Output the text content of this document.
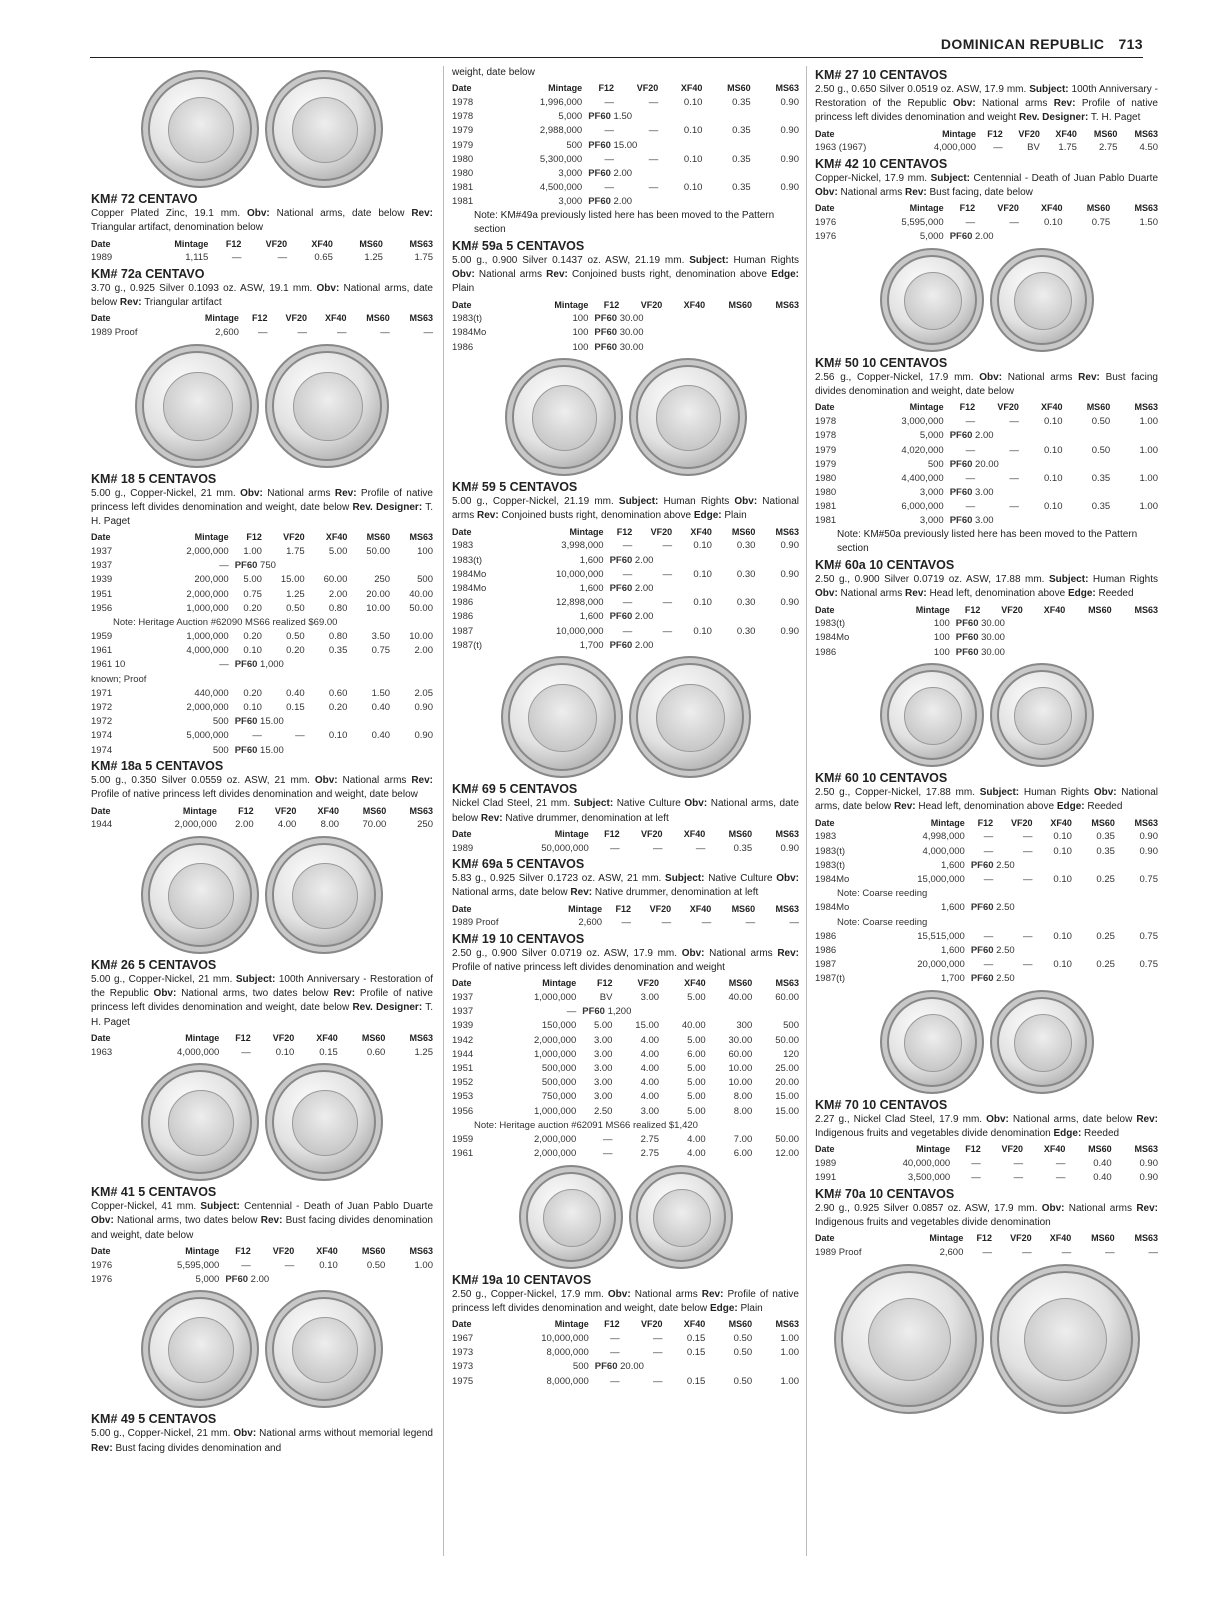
DOMINICAN REPUBLIC 713
KM# 72 CENTAVO
Copper Plated Zinc, 19.1 mm. Obv: National arms, date below Rev: Triangular artifact, denomination below
Date	Mintage	F12	VF20	XF40	MS60	MS63
1989	1,115	—	—	0.65	1.25	1.75
KM# 72a CENTAVO
3.70 g., 0.925 Silver 0.1093 oz. ASW, 19.1 mm. Obv: National arms, date below Rev: Triangular artifact
Date	Mintage	F12	VF20	XF40	MS60	MS63
1989 Proof	2,600	—	—	—	—	—
KM# 18 5 CENTAVOS
5.00 g., Copper-Nickel, 21 mm. Obv: National arms Rev: Profile of native princess left divides denomination and weight, date below Rev. Designer: T. H. Paget
Date	Mintage	F12	VF20	XF40	MS60	MS63
1937	2,000,000	1.00	1.75	5.00	50.00	100
1937	—	PF60 750				
1939	200,000	5.00	15.00	60.00	250	500
1951	2,000,000	0.75	1.25	2.00	20.00	40.00
1956	1,000,000	0.20	0.50	0.80	10.00	50.00
Note: Heritage Auction #62090 MS66 realized $69.00						
1959	1,000,000	0.20	0.50	0.80	3.50	10.00
1961	4,000,000	0.10	0.20	0.35	0.75	2.00
1961 10	—	PF60 1,000				
known; Proof						
1971	440,000	0.20	0.40	0.60	1.50	2.05
1972	2,000,000	0.10	0.15	0.20	0.40	0.90
1972	500	PF60 15.00				
1974	5,000,000	—	—	0.10	0.40	0.90
1974	500	PF60 15.00				
KM# 18a 5 CENTAVOS
5.00 g., 0.350 Silver 0.0559 oz. ASW, 21 mm. Obv: National arms Rev: Profile of native princess left divides denomination and weight, date below
Date	Mintage	F12	VF20	XF40	MS60	MS63
1944	2,000,000	2.00	4.00	8.00	70.00	250
KM# 26 5 CENTAVOS
5.00 g., Copper-Nickel, 21 mm. Subject: 100th Anniversary - Restoration of the Republic Obv: National arms, two dates below Rev: Profile of native princess left divides denomination and weight, date below Rev. Designer: T. H. Paget
Date	Mintage	F12	VF20	XF40	MS60	MS63
1963	4,000,000	—	0.10	0.15	0.60	1.25
KM# 41 5 CENTAVOS
Copper-Nickel, 41 mm. Subject: Centennial - Death of Juan Pablo Duarte Obv: National arms, two dates below Rev: Bust facing divides denomination and weight, date below
Date	Mintage	F12	VF20	XF40	MS60	MS63
1976	5,595,000	—	—	0.10	0.50	1.00
1976	5,000	PF60 2.00				
KM# 49 5 CENTAVOS
5.00 g., Copper-Nickel, 21 mm. Obv: National arms without memorial legend Rev: Bust facing divides denomination and
weight, date below
Date	Mintage	F12	VF20	XF40	MS60	MS63
1978	1,996,000	—	—	0.10	0.35	0.90
1978	5,000	PF60 1.50				
1979	2,988,000	—	—	0.10	0.35	0.90
1979	500	PF60 15.00				
1980	5,300,000	—	—	0.10	0.35	0.90
1980	3,000	PF60 2.00				
1981	4,500,000	—	—	0.10	0.35	0.90
1981	3,000	PF60 2.00				
Note: KM#49a previously listed here has been moved to the Pattern section
KM# 59a 5 CENTAVOS
5.00 g., 0.900 Silver 0.1437 oz. ASW, 21.19 mm. Subject: Human Rights Obv: National arms Rev: Conjoined busts right, denomination above Edge: Plain
Date	Mintage	F12	VF20	XF40	MS60	MS63
1983(t)	100	PF60 30.00				
1984Mo	100	PF60 30.00				
1986	100	PF60 30.00				
KM# 59 5 CENTAVOS
5.00 g., Copper-Nickel, 21.19 mm. Subject: Human Rights Obv: National arms Rev: Conjoined busts right, denomination above Edge: Plain
Date	Mintage	F12	VF20	XF40	MS60	MS63
1983	3,998,000	—	—	0.10	0.30	0.90
1983(t)	1,600	PF60 2.00				
1984Mo	10,000,000	—	—	0.10	0.30	0.90
1984Mo	1,600	PF60 2.00				
1986	12,898,000	—	—	0.10	0.30	0.90
1986	1,600	PF60 2.00				
1987	10,000,000	—	—	0.10	0.30	0.90
1987(t)	1,700	PF60 2.00				
KM# 69 5 CENTAVOS
Nickel Clad Steel, 21 mm. Subject: Native Culture Obv: National arms, date below Rev: Native drummer, denomination at left
Date	Mintage	F12	VF20	XF40	MS60	MS63
1989	50,000,000	—	—	—	0.35	0.90
KM# 69a 5 CENTAVOS
5.83 g., 0.925 Silver 0.1723 oz. ASW, 21 mm. Subject: Native Culture Obv: National arms, date below Rev: Native drummer, denomination at left
Date	Mintage	F12	VF20	XF40	MS60	MS63
1989 Proof	2,600	—	—	—	—	—
KM# 19 10 CENTAVOS
2.50 g., 0.900 Silver 0.0719 oz. ASW, 17.9 mm. Obv: National arms Rev: Profile of native princess left divides denomination and weight
Date	Mintage	F12	VF20	XF40	MS60	MS63
1937	1,000,000	BV	3.00	5.00	40.00	60.00
1937	—	PF60 1,200				
1939	150,000	5.00	15.00	40.00	300	500
1942	2,000,000	3.00	4.00	5.00	30.00	50.00
1944	1,000,000	3.00	4.00	6.00	60.00	120
1951	500,000	3.00	4.00	5.00	10.00	25.00
1952	500,000	3.00	4.00	5.00	10.00	20.00
1953	750,000	3.00	4.00	5.00	8.00	15.00
1956	1,000,000	2.50	3.00	5.00	8.00	15.00
Note: Heritage auction #62091 MS66 realized $1,420						
1959	2,000,000	—	2.75	4.00	7.00	50.00
1961	2,000,000	—	2.75	4.00	6.00	12.00
KM# 19a 10 CENTAVOS
2.50 g., Copper-Nickel, 17.9 mm. Obv: National arms Rev: Profile of native princess left divides denomination and weight, date below Edge: Plain
Date	Mintage	F12	VF20	XF40	MS60	MS63
1967	10,000,000	—	—	0.15	0.50	1.00
1973	8,000,000	—	—	0.15	0.50	1.00
1973	500	PF60 20.00				
1975	8,000,000	—	—	0.15	0.50	1.00
KM# 27 10 CENTAVOS
2.50 g., 0.650 Silver 0.0519 oz. ASW, 17.9 mm. Subject: 100th Anniversary - Restoration of the Republic Obv: National arms Rev: Profile of native princess left divides denomination and weight Rev. Designer: T. H. Paget
Date	Mintage	F12	VF20	XF40	MS60	MS63
1963 (1967)	4,000,000	—	BV	1.75	2.75	4.50
KM# 42 10 CENTAVOS
Copper-Nickel, 17.9 mm. Subject: Centennial - Death of Juan Pablo Duarte Obv: National arms Rev: Bust facing, date below
Date	Mintage	F12	VF20	XF40	MS60	MS63
1976	5,595,000	—	—	0.10	0.75	1.50
1976	5,000	PF60 2.00				
KM# 50 10 CENTAVOS
2.56 g., Copper-Nickel, 17.9 mm. Obv: National arms Rev: Bust facing divides denomination and weight, date below
Date	Mintage	F12	VF20	XF40	MS60	MS63
1978	3,000,000	—	—	0.10	0.50	1.00
1978	5,000	PF60 2.00				
1979	4,020,000	—	—	0.10	0.50	1.00
1979	500	PF60 20.00				
1980	4,400,000	—	—	0.10	0.35	1.00
1980	3,000	PF60 3.00				
1981	6,000,000	—	—	0.10	0.35	1.00
1981	3,000	PF60 3.00				
Note: KM#50a previously listed here has been moved to the Pattern section
KM# 60a 10 CENTAVOS
2.50 g., 0.900 Silver 0.0719 oz. ASW, 17.88 mm. Subject: Human Rights Obv: National arms Rev: Head left, denomination above Edge: Reeded
Date	Mintage	F12	VF20	XF40	MS60	MS63
1983(t)	100	PF60 30.00				
1984Mo	100	PF60 30.00				
1986	100	PF60 30.00				
KM# 60 10 CENTAVOS
2.50 g., Copper-Nickel, 17.88 mm. Subject: Human Rights Obv: National arms, date below Rev: Head left, denomination above Edge: Reeded
Date	Mintage	F12	VF20	XF40	MS60	MS63
1983	4,998,000	—	—	0.10	0.35	0.90
1983(t)	4,000,000	—	—	0.10	0.35	0.90
1983(t)	1,600	PF60 2.50				
1984Mo	15,000,000	—	—	0.10	0.25	0.75
Note: Coarse reeding						
1984Mo	1,600	PF60 2.50				
Note: Coarse reeding						
1986	15,515,000	—	—	0.10	0.25	0.75
1986	1,600	PF60 2.50				
1987	20,000,000	—	—	0.10	0.25	0.75
1987(t)	1,700	PF60 2.50				
KM# 70 10 CENTAVOS
2.27 g., Nickel Clad Steel, 17.9 mm. Obv: National arms, date below Rev: Indigenous fruits and vegetables divide denomination Edge: Reeded
Date	Mintage	F12	VF20	XF40	MS60	MS63
1989	40,000,000	—	—	—	0.40	0.90
1991	3,500,000	—	—	—	0.40	0.90
KM# 70a 10 CENTAVOS
2.90 g., 0.925 Silver 0.0857 oz. ASW, 17.9 mm. Obv: National arms Rev: Indigenous fruits and vegetables divide denomination
Date	Mintage	F12	VF20	XF40	MS60	MS63
1989 Proof	2,600	—	—	—	—	—
